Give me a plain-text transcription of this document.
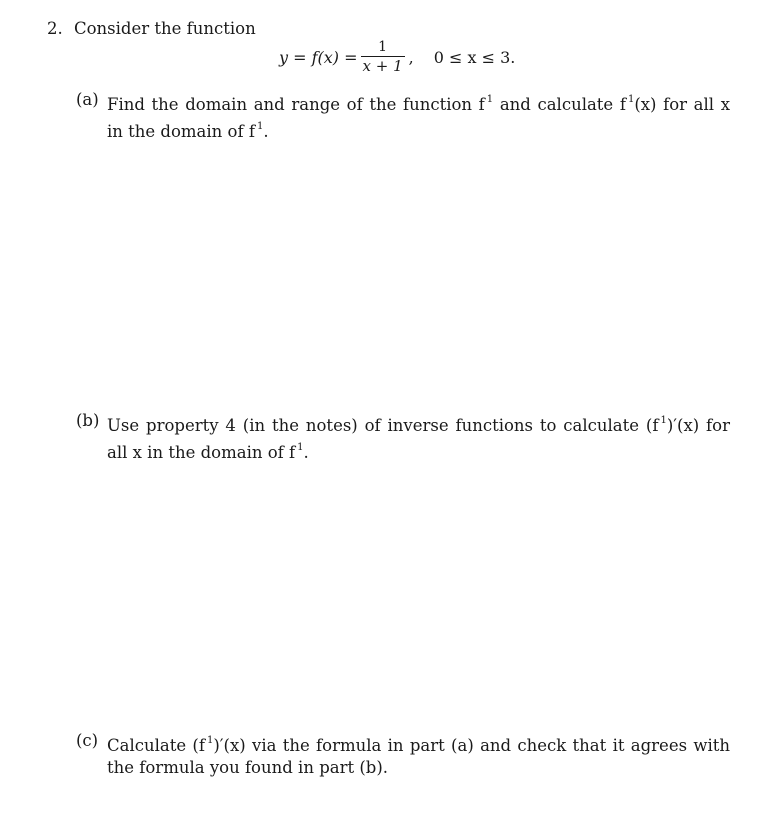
2. Consider the function
$y = f(x) = \frac{1}{x + 1}$ , 0 ≤ x ≤ 3.
(a) Find the domain and range of the function f $^1$ and calculate f $^1$(x) for all x in the domain of f $^1$.
(b) Use property 4 (in the notes) of inverse functions to calculate (f $^1$)′(x) for all x in the domain of f $^1$.
(c) Calculate (f $^1$)′(x) via the formula in part (a) and check that it agrees with the formula you found in part (b).
